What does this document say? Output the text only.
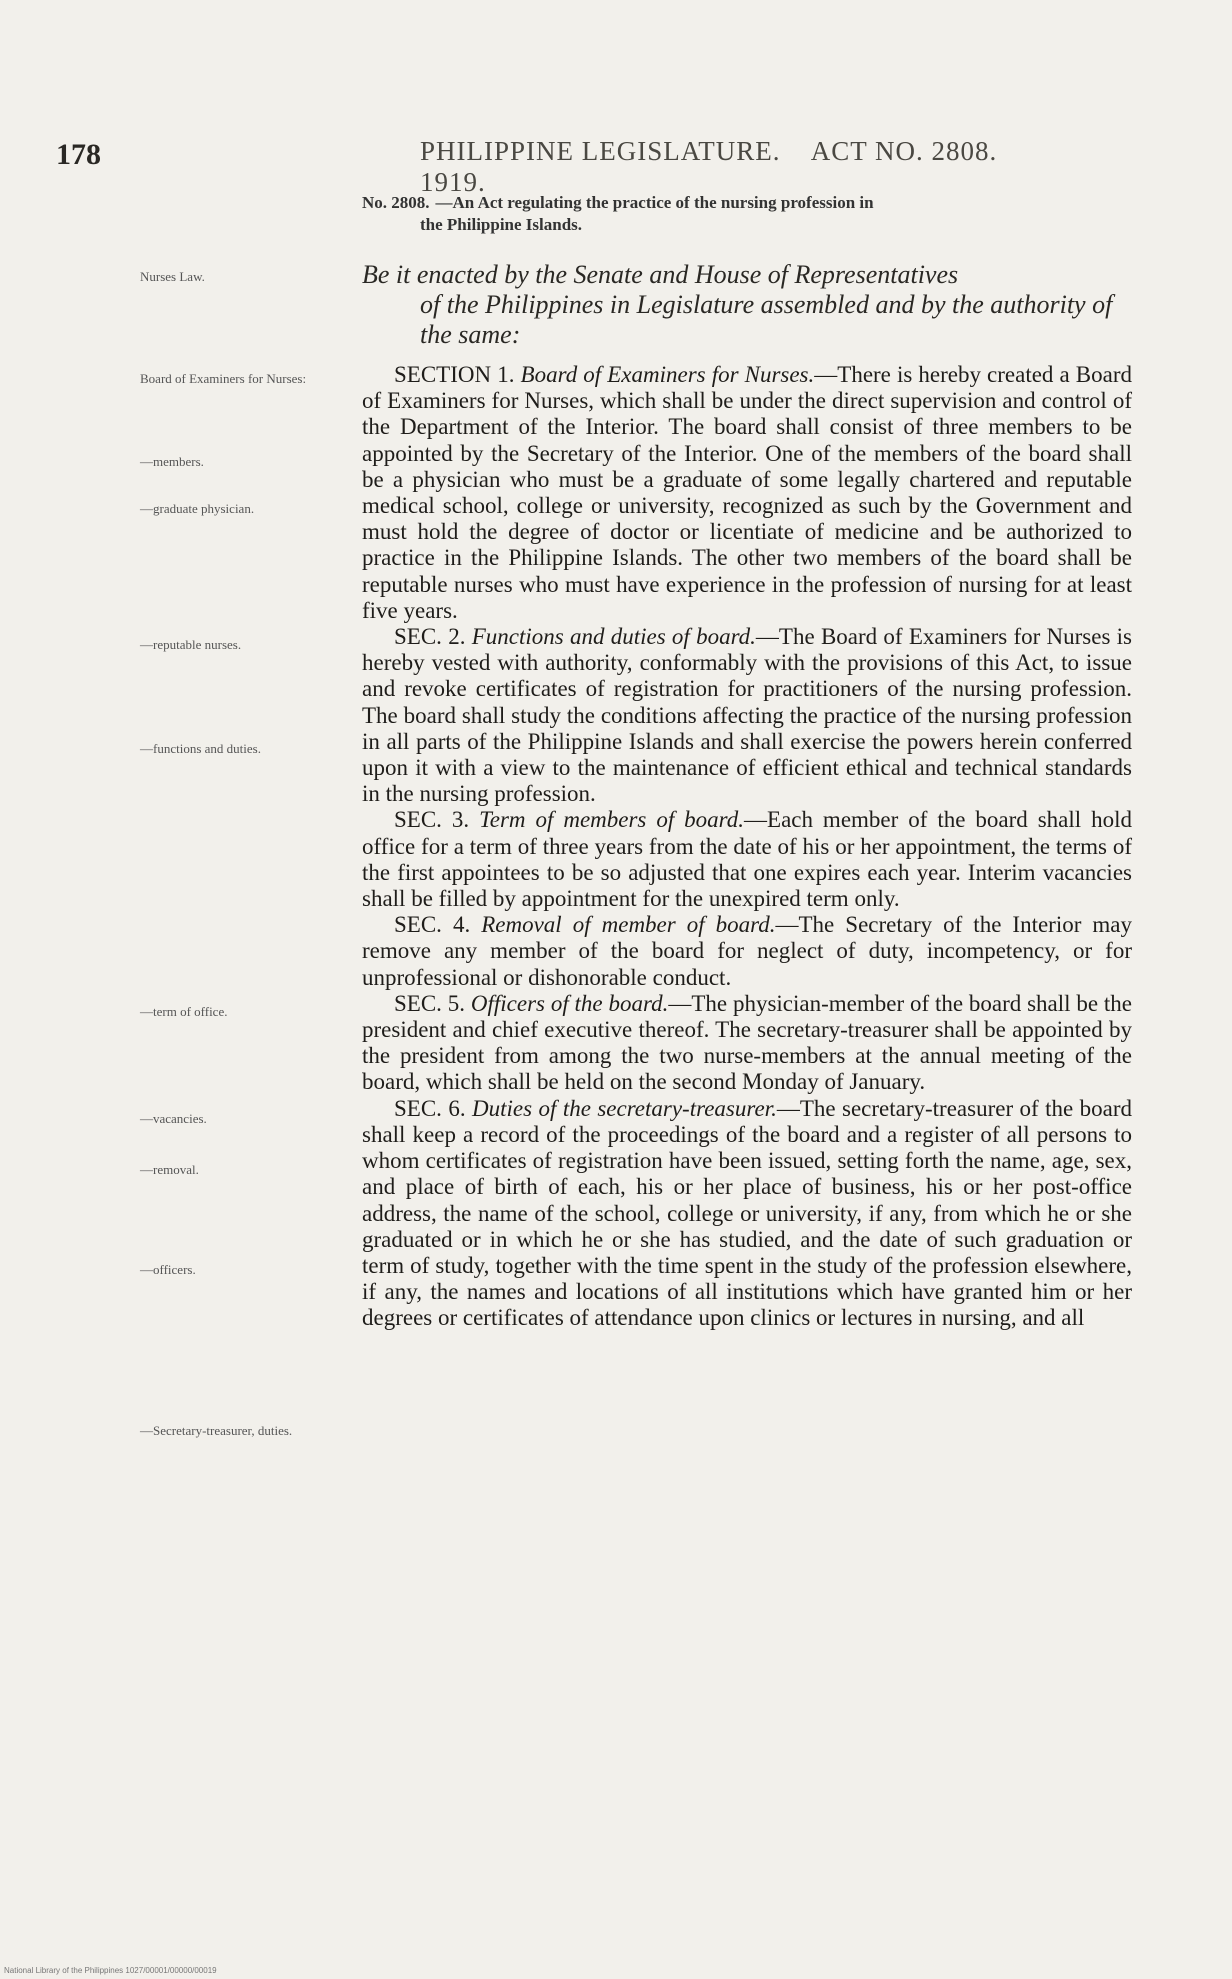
178	PHILIPPINE LEGISLATURE. ACT NO. 2808. 1919.
No. 2808. —An Act regulating the practice of the nursing profession in
the Philippine Islands.
Be it enacted by the Senate and House of Representatives
of the Philippines in Legislature assembled and by the authority of the same:
Nurses Law.
Board of Examiners for Nurses:
—members.
—graduate physician.
—reputable nurses.
—functions and duties.
—term of office.
—vacancies.
—removal.
—officers.
—Secretary-treasurer, duties.

SECTION 1. Board of Examiners for Nurses.—There is hereby created a Board of Examiners for Nurses, which shall be under the direct supervision and control of the Department of the Interior. The board shall consist of three members to be appointed by the Secretary of the Interior. One of the members of the board shall be a physician who must be a graduate of some legally chartered and reputable medical school, college or university, recognized as such by the Government and must hold the degree of doctor or licentiate of medicine and be authorized to practice in the Philippine Islands. The other two members of the board shall be reputable nurses who must have experience in the profession of nursing for at least five years.

SEC. 2. Functions and duties of board.—The Board of Examiners for Nurses is hereby vested with authority, conformably with the provisions of this Act, to issue and revoke certificates of registration for practitioners of the nursing profession. The board shall study the conditions affecting the practice of the nursing profession in all parts of the Philippine Islands and shall exercise the powers herein conferred upon it with a view to the maintenance of efficient ethical and technical standards in the nursing profession.

SEC. 3. Term of members of board.—Each member of the board shall hold office for a term of three years from the date of his or her appointment, the terms of the first appointees to be so adjusted that one expires each year. Interim vacancies shall be filled by appointment for the unexpired term only.

SEC. 4. Removal of member of board.—The Secretary of the Interior may remove any member of the board for neglect of duty, incompetency, or for unprofessional or dishonorable conduct.

SEC. 5. Officers of the board.—The physician-member of the board shall be the president and chief executive thereof. The secretary-treasurer shall be appointed by the president from among the two nurse-members at the annual meeting of the board, which shall be held on the second Monday of January.

SEC. 6. Duties of the secretary-treasurer.—The secretary-treasurer of the board shall keep a record of the proceedings of the board and a register of all persons to whom certificates of registration have been issued, setting forth the name, age, sex, and place of birth of each, his or her place of business, his or her post-office address, the name of the school, college or university, if any, from which he or she graduated or in which he or she has studied, and the date of such graduation or term of study, together with the time spent in the study of the profession elsewhere, if any, the names and locations of all institutions which have granted him or her degrees or certificates of attendance upon clinics or lectures in nursing, and all

National Library of the Philippines 1027/00001/00000/00019
